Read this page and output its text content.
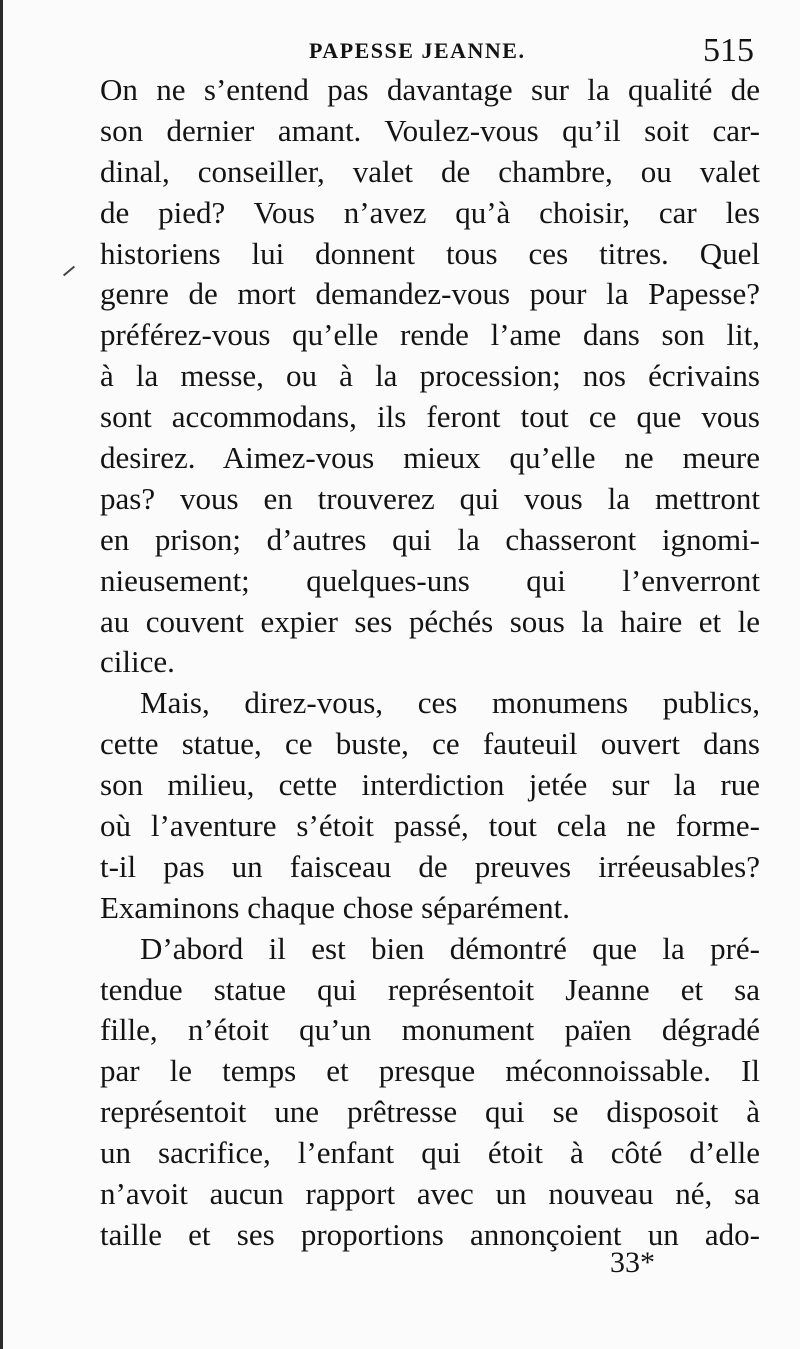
PAPESSE JEANNE.	515
On ne s’entend pas davantage sur la qualité de
son dernier amant. Voulez-vous qu’il soit car-
dinal, conseiller, valet de chambre, ou valet
de pied? Vous n’avez qu’à choisir, car les
historiens lui donnent tous ces titres. Quel
genre de mort demandez-vous pour la Papesse?
préférez-vous qu’elle rende l’ame dans son lit,
à la messe, ou à la procession; nos écrivains
sont accommodans, ils feront tout ce que vous
desirez. Aimez-vous mieux qu’elle ne meure
pas? vous en trouverez qui vous la mettront
en prison; d’autres qui la chasseront ignomi-
nieusement; quelques-uns qui l’enverront
au couvent expier ses péchés sous la haire et le
cilice.
Mais, direz-vous, ces monumens publics,
cette statue, ce buste, ce fauteuil ouvert dans
son milieu, cette interdiction jetée sur la rue
où l’aventure s’étoit passé, tout cela ne forme-
t-il pas un faisceau de preuves irréeusables?
Examinons chaque chose séparément.
D’abord il est bien démontré que la pré-
tendue statue qui représentoit Jeanne et sa
fille, n’étoit qu’un monument païen dégradé
par le temps et presque méconnoissable. Il
représentoit une prêtresse qui se disposoit à
un sacrifice, l’enfant qui étoit à côté d’elle
n’avoit aucun rapport avec un nouveau né, sa
taille et ses proportions annonçoient un ado-
33*
